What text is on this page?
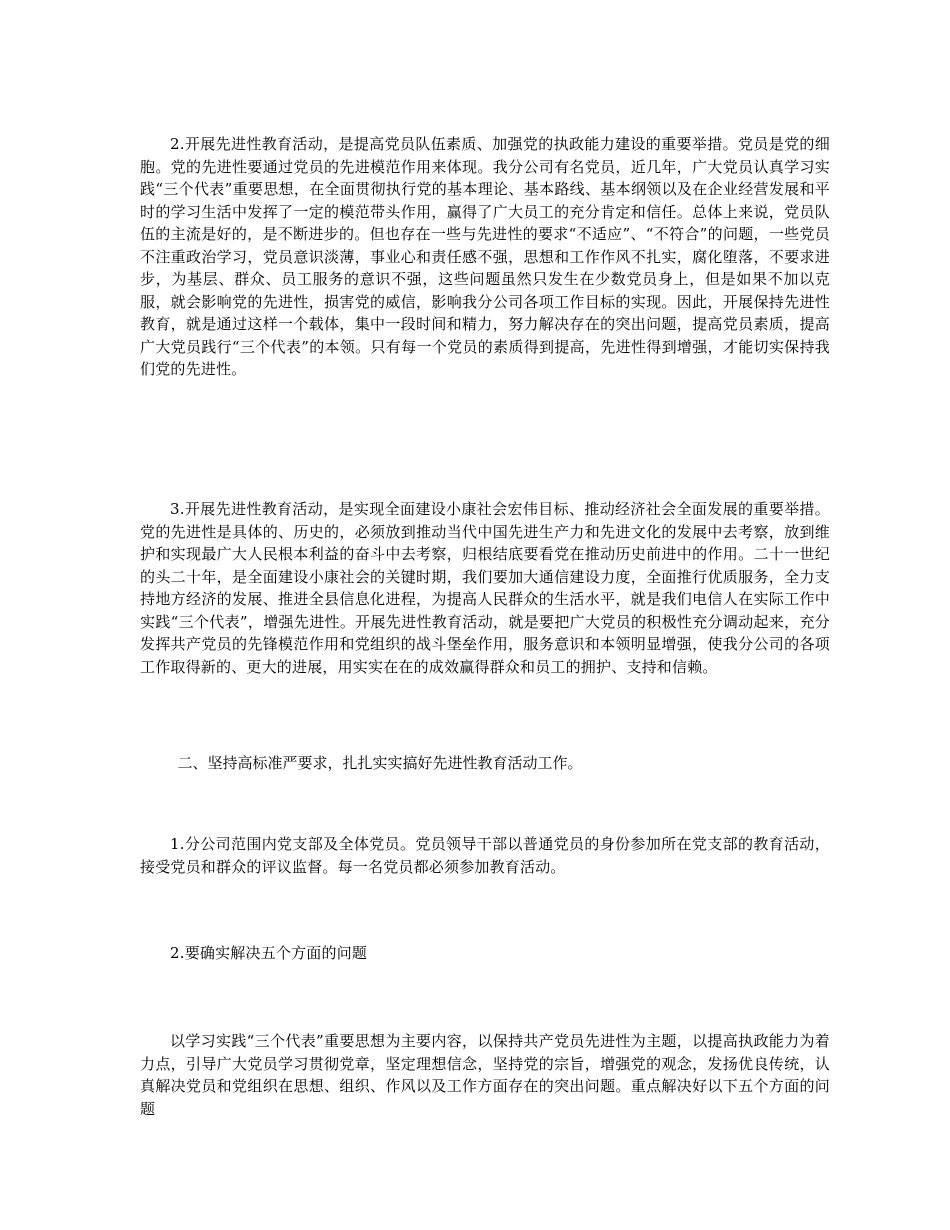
2.开展先进性教育活动，是提高党员队伍素质、加强党的执政能力建设的重要举措。党员是党的细胞。党的先进性要通过党员的先进模范作用来体现。我分公司有名党员，近几年，广大党员认真学习实践“三个代表”重要思想，在全面贯彻执行党的基本理论、基本路线、基本纲领以及在企业经营发展和平时的学习生活中发挥了一定的模范带头作用，赢得了广大员工的充分肯定和信任。总体上来说，党员队伍的主流是好的，是不断进步的。但也存在一些与先进性的要求“不适应”、“不符合”的问题，一些党员不注重政治学习，党员意识淡薄，事业心和责任感不强，思想和工作作风不扎实，腐化堕落，不要求进步，为基层、群众、员工服务的意识不强，这些问题虽然只发生在少数党员身上，但是如果不加以克服，就会影响党的先进性，损害党的威信，影响我分公司各项工作目标的实现。因此，开展保持先进性教育，就是通过这样一个载体，集中一段时间和精力，努力解决存在的突出问题，提高党员素质，提高广大党员践行“三个代表”的本领。只有每一个党员的素质得到提高，先进性得到增强，才能切实保持我们党的先进性。

3.开展先进性教育活动，是实现全面建设小康社会宏伟目标、推动经济社会全面发展的重要举措。党的先进性是具体的、历史的，必须放到推动当代中国先进生产力和先进文化的发展中去考察，放到维护和实现最广大人民根本利益的奋斗中去考察，归根结底要看党在推动历史前进中的作用。二十一世纪的头二十年，是全面建设小康社会的关键时期，我们要加大通信建设力度，全面推行优质服务，全力支持地方经济的发展、推进全县信息化进程，为提高人民群众的生活水平，就是我们电信人在实际工作中实践“三个代表”，增强先进性。开展先进性教育活动，就是要把广大党员的积极性充分调动起来，充分发挥共产党员的先锋模范作用和党组织的战斗堡垒作用，服务意识和本领明显增强，使我分公司的各项工作取得新的、更大的进展，用实实在在的成效赢得群众和员工的拥护、支持和信赖。

二、坚持高标准严要求，扎扎实实搞好先进性教育活动工作。

1.分公司范围内党支部及全体党员。党员领导干部以普通党员的身份参加所在党支部的教育活动，接受党员和群众的评议监督。每一名党员都必须参加教育活动。

2.要确实解决五个方面的问题

以学习实践“三个代表”重要思想为主要内容，以保持共产党员先进性为主题，以提高执政能力为着力点，引导广大党员学习贯彻党章，坚定理想信念，坚持党的宗旨，增强党的观念，发扬优良传统，认真解决党员和党组织在思想、组织、作风以及工作方面存在的突出问题。重点解决好以下五个方面的问题
